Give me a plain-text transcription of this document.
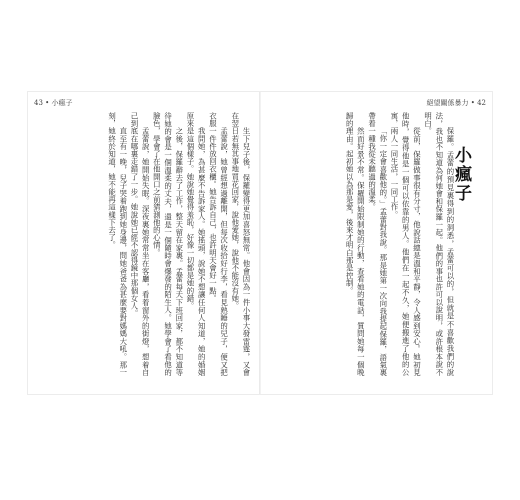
43 • 小瘋子	絕望關係暴力 • 42

生下兒子後，保羅變得更加喜怒無常。他會因為一件小事大發雷霆，又會在翌日若無其事地買花回家，說他愛她，說他不能沒有她。

孟蕾說，她曾經想過離開，但每次收拾好行李，看見熟睡的兒子，便又把衣服一件件放回衣櫃。她告訴自己，也許明天會好一點。

我問她，為甚麼不告訴家人。她搖頭，說她不想讓任何人知道，她的婚姻原來是這個樣子。她說她覺得羞恥，好像一切都是她的錯。

之後，保羅辭去了工作，整天留在家裏。孟蕾每天下班回家，都不知道等待她的會是一個溫柔的丈夫，還是一個隨時會爆發的陌生人。她學會了看他的臉色，學會了在他開口之前猜測他的心情。

孟蕾說，她開始失眠。深夜裏她常常坐在客廳，看着窗外的街燈，想着自己到底在哪裏走錯了一步。她說她已經不認得鏡中那個女人。

直至有一晚，兒子哭着跑到她身邊，問她爸爸為甚麼要對媽媽大吼。那一刻，她終於知道，她不能再這樣下去了。	保羅。孟蕾的預見裏得到的洞悉，孟蕾可以的，但就是不喜歡我們的說法，我也不知道為何她會和保羅一起。他們的事也許可以說明，或許根本說不明白。

從前，保羅做事很有分寸，他說話總是溫和平靜，令人感到安心。她初見他時，覺得他是一個可以依靠的男人。他們在一起不久，她便搬進了他的公寓，兩人一同生活，一同工作。

「你一定會喜歡他的。」孟蕾對我說。那是她第一次向我提起保羅，語氣裏帶着一種我從未聽過的溫柔。

然而好景不常。保羅開始限制她的行動，查看她的電話，質問她每一個晚歸的理由。起初她以為那是愛，後來才明白那是控制。	小瘋子
